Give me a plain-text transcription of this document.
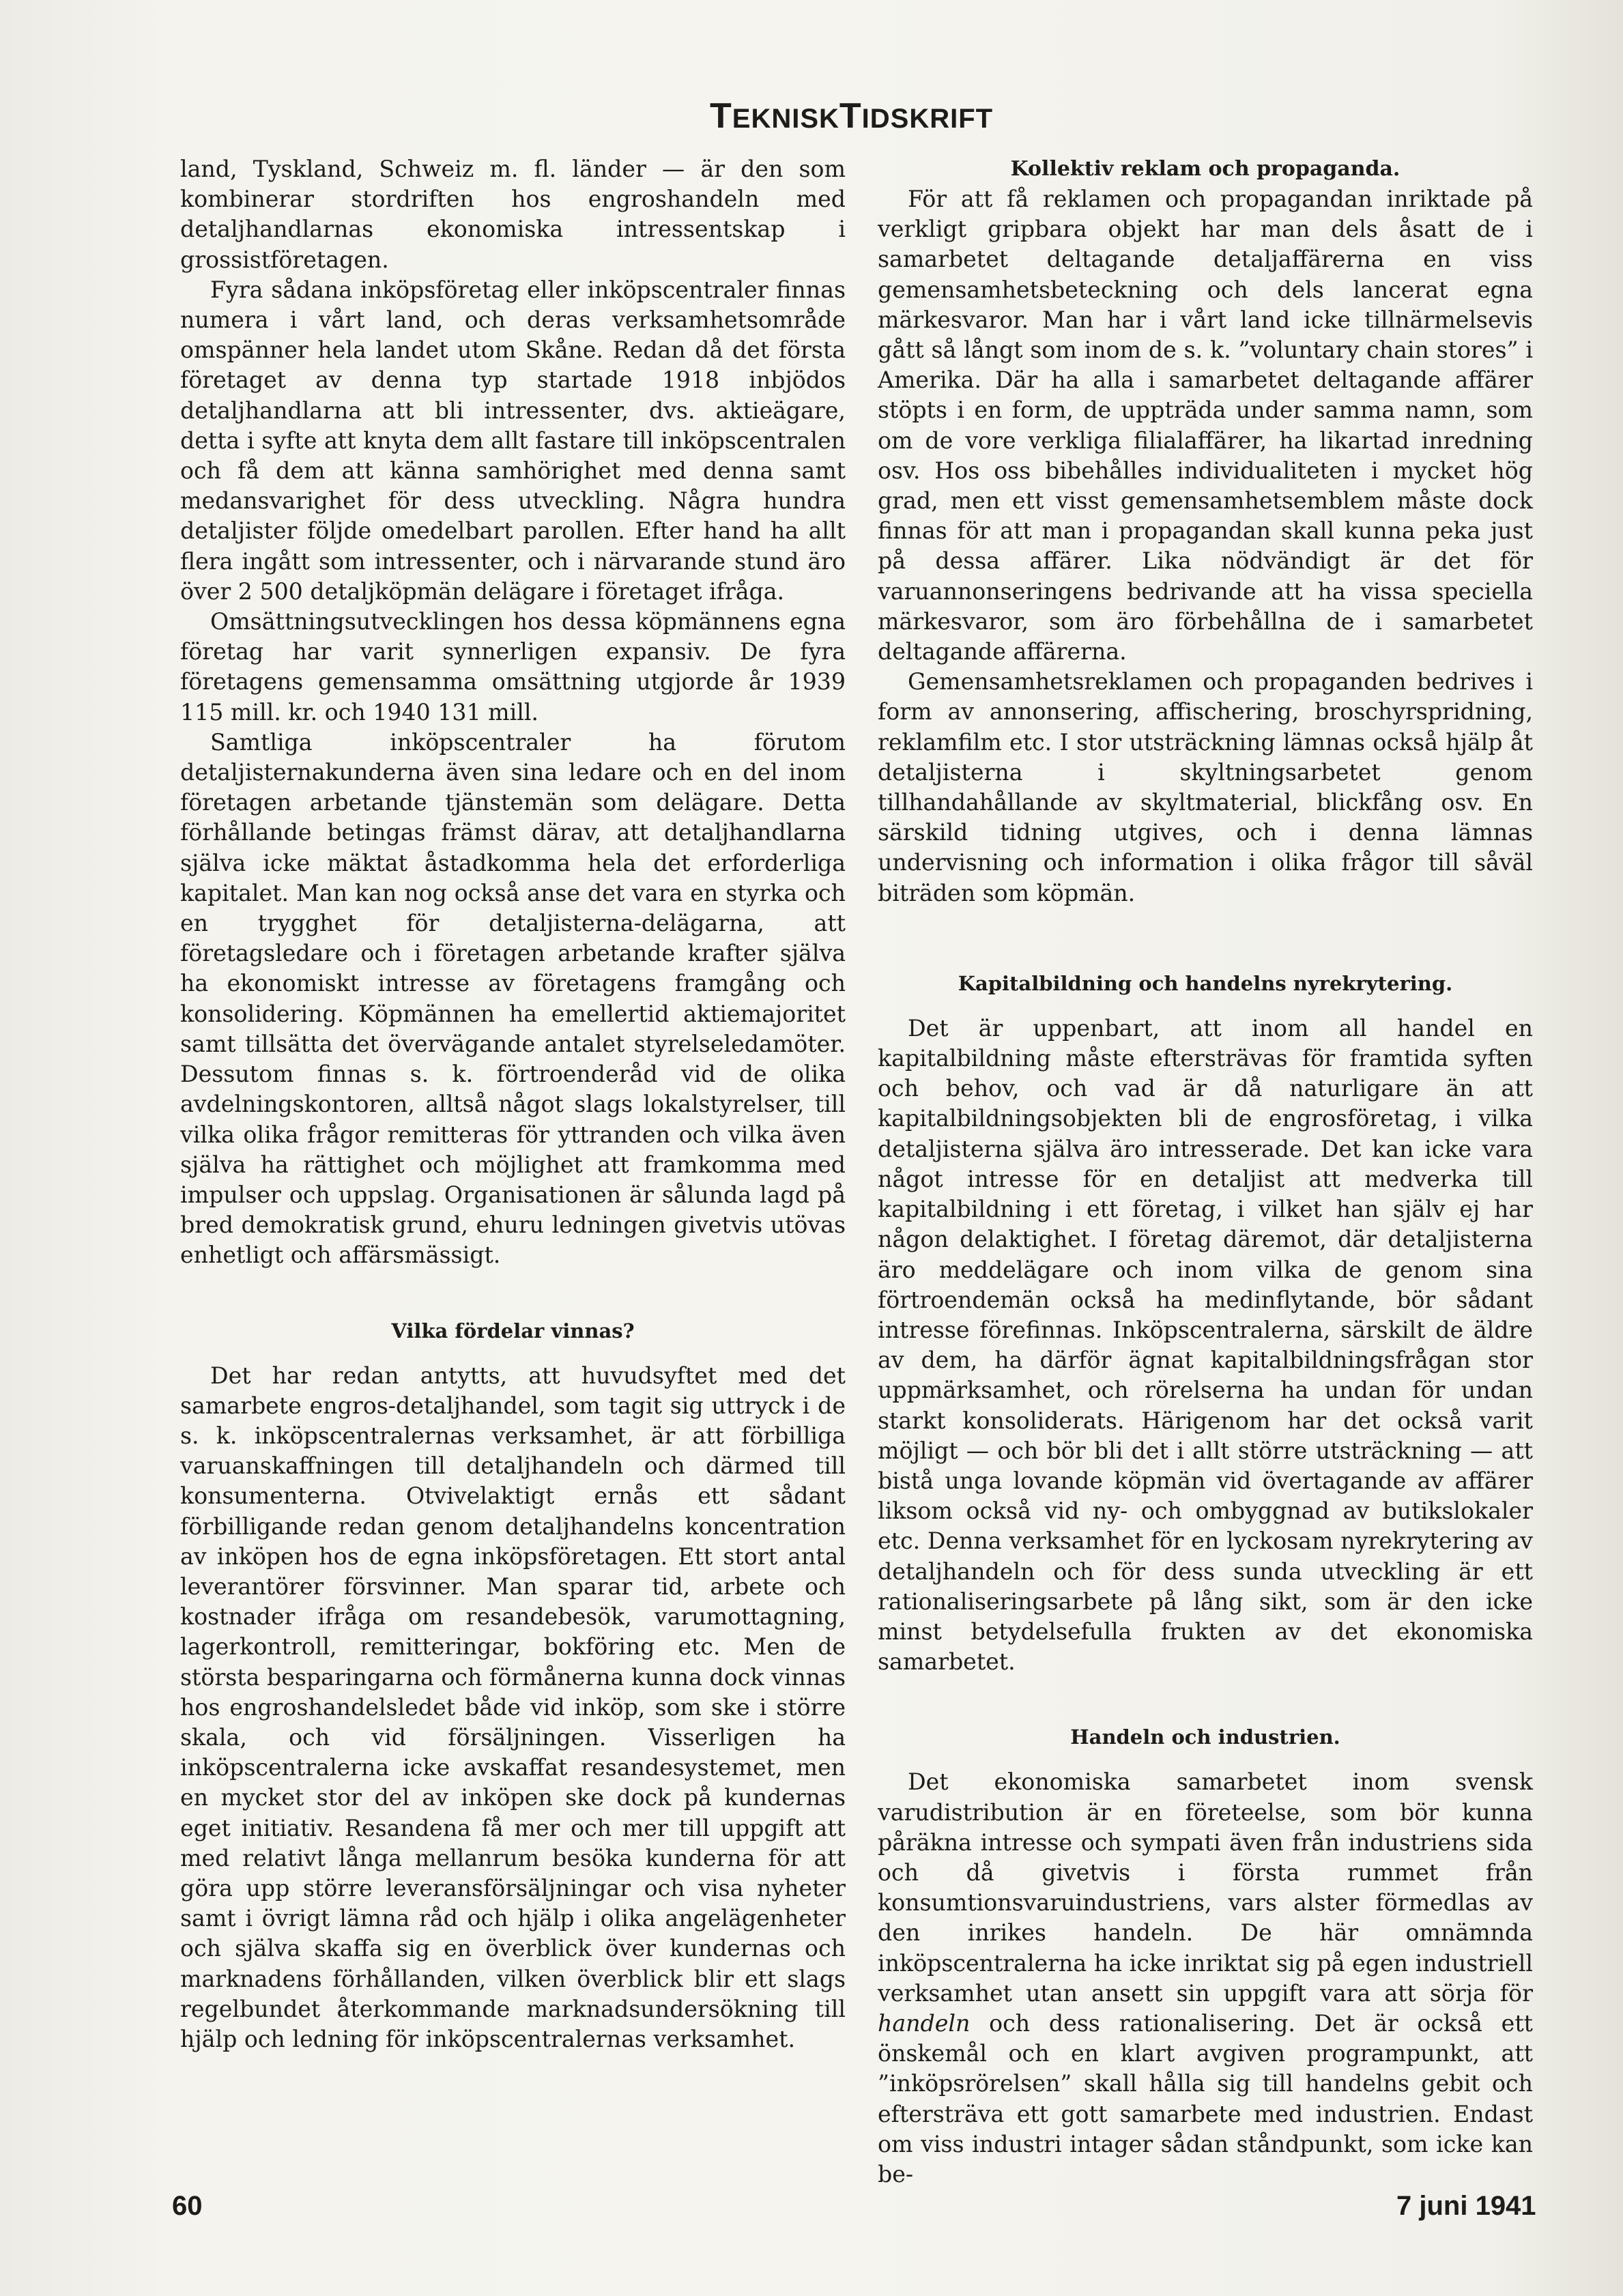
TEKNISKTIDSKRIFT

land, Tyskland, Schweiz m. fl. länder — är den som kombinerar stordriften hos engroshandeln med detaljhandlarnas ekonomiska intressentskap i grossistföretagen.

Fyra sådana inköpsföretag eller inköpscentraler finnas numera i vårt land, och deras verksamhetsområde omspänner hela landet utom Skåne. Redan då det första företaget av denna typ startade 1918 inbjödos detaljhandlarna att bli intressenter, dvs. aktieägare, detta i syfte att knyta dem allt fastare till inköpscentralen och få dem att känna samhörighet med denna samt medansvarighet för dess utveckling. Några hundra detaljister följde omedelbart parollen. Efter hand ha allt flera ingått som intressenter, och i närvarande stund äro över 2 500 detaljköpmän delägare i företaget ifråga.

Omsättningsutvecklingen hos dessa köpmännens egna företag har varit synnerligen expansiv. De fyra företagens gemensamma omsättning utgjorde år 1939 115 mill. kr. och 1940 131 mill.

Samtliga inköpscentraler ha förutom detaljisternakunderna även sina ledare och en del inom företagen arbetande tjänstemän som delägare. Detta förhållande betingas främst därav, att detaljhandlarna själva icke mäktat åstadkomma hela det erforderliga kapitalet. Man kan nog också anse det vara en styrka och en trygghet för detaljisterna-delägarna, att företagsledare och i företagen arbetande krafter själva ha ekonomiskt intresse av företagens framgång och konsolidering. Köpmännen ha emellertid aktiemajoritet samt tillsätta det övervägande antalet styrelseledamöter. Dessutom finnas s. k. förtroenderåd vid de olika avdelningskontoren, alltså något slags lokalstyrelser, till vilka olika frågor remitteras för yttranden och vilka även själva ha rättighet och möjlighet att framkomma med impulser och uppslag. Organisationen är sålunda lagd på bred demokratisk grund, ehuru ledningen givetvis utövas enhetligt och affärsmässigt.

Vilka fördelar vinnas?

Det har redan antytts, att huvudsyftet med det samarbete engros-detaljhandel, som tagit sig uttryck i de s. k. inköpscentralernas verksamhet, är att förbilliga varuanskaffningen till detaljhandeln och därmed till konsumenterna. Otvivelaktigt ernås ett sådant förbilligande redan genom detaljhandelns koncentration av inköpen hos de egna inköpsföretagen. Ett stort antal leverantörer försvinner. Man sparar tid, arbete och kostnader ifråga om resandebesök, varumottagning, lagerkontroll, remitteringar, bokföring etc. Men de största besparingarna och förmånerna kunna dock vinnas hos engroshandelsledet både vid inköp, som ske i större skala, och vid försäljningen. Visserligen ha inköpscentralerna icke avskaffat resandesystemet, men en mycket stor del av inköpen ske dock på kundernas eget initiativ. Resandena få mer och mer till uppgift att med relativt långa mellanrum besöka kunderna för att göra upp större leveransförsäljningar och visa nyheter samt i övrigt lämna råd och hjälp i olika angelägenheter och själva skaffa sig en överblick över kundernas och marknadens förhållanden, vilken överblick blir ett slags regelbundet återkommande marknadsundersökning till hjälp och ledning för inköpscentralernas verksamhet.

Kollektiv reklam och propaganda.

För att få reklamen och propagandan inriktade på verkligt gripbara objekt har man dels åsatt de i samarbetet deltagande detaljaffärerna en viss gemensamhetsbeteckning och dels lancerat egna märkesvaror. Man har i vårt land icke tillnärmelsevis gått så långt som inom de s. k. ”voluntary chain stores” i Amerika. Där ha alla i samarbetet deltagande affärer stöpts i en form, de uppträda under samma namn, som om de vore verkliga filialaffärer, ha likartad inredning osv. Hos oss bibehålles individualiteten i mycket hög grad, men ett visst gemensamhetsemblem måste dock finnas för att man i propagandan skall kunna peka just på dessa affärer. Lika nödvändigt är det för varuannonseringens bedrivande att ha vissa speciella märkesvaror, som äro förbehållna de i samarbetet deltagande affärerna.

Gemensamhetsreklamen och propaganden bedrives i form av annonsering, affischering, broschyrspridning, reklamfilm etc. I stor utsträckning lämnas också hjälp åt detaljisterna i skyltningsarbetet genom tillhandahållande av skyltmaterial, blickfång osv. En särskild tidning utgives, och i denna lämnas undervisning och information i olika frågor till såväl biträden som köpmän.

Kapitalbildning och handelns nyrekrytering.

Det är uppenbart, att inom all handel en kapitalbildning måste eftersträvas för framtida syften och behov, och vad är då naturligare än att kapitalbildningsobjekten bli de engrosföretag, i vilka detaljisterna själva äro intresserade. Det kan icke vara något intresse för en detaljist att medverka till kapitalbildning i ett företag, i vilket han själv ej har någon delaktighet. I företag däremot, där detaljisterna äro meddelägare och inom vilka de genom sina förtroendemän också ha medinflytande, bör sådant intresse förefinnas. Inköpscentralerna, särskilt de äldre av dem, ha därför ägnat kapitalbildningsfrågan stor uppmärksamhet, och rörelserna ha undan för undan starkt konsoliderats. Härigenom har det också varit möjligt — och bör bli det i allt större utsträckning — att bistå unga lovande köpmän vid övertagande av affärer liksom också vid ny- och ombyggnad av butikslokaler etc. Denna verksamhet för en lyckosam nyrekrytering av detaljhandeln och för dess sunda utveckling är ett rationaliseringsarbete på lång sikt, som är den icke minst betydelsefulla frukten av det ekonomiska samarbetet.

Handeln och industrien.

Det ekonomiska samarbetet inom svensk varudistribution är en företeelse, som bör kunna påräkna intresse och sympati även från industriens sida och då givetvis i första rummet från konsumtionsvaruindustriens, vars alster förmedlas av den inrikes handeln. De här omnämnda inköpscentralerna ha icke inriktat sig på egen industriell verksamhet utan ansett sin uppgift vara att sörja för handeln och dess rationalisering. Det är också ett önskemål och en klart avgiven programpunkt, att ”inköpsrörelsen” skall hålla sig till handelns gebit och eftersträva ett gott samarbete med industrien. Endast om viss industri intager sådan ståndpunkt, som icke kan be-

60	7 juni 1941
